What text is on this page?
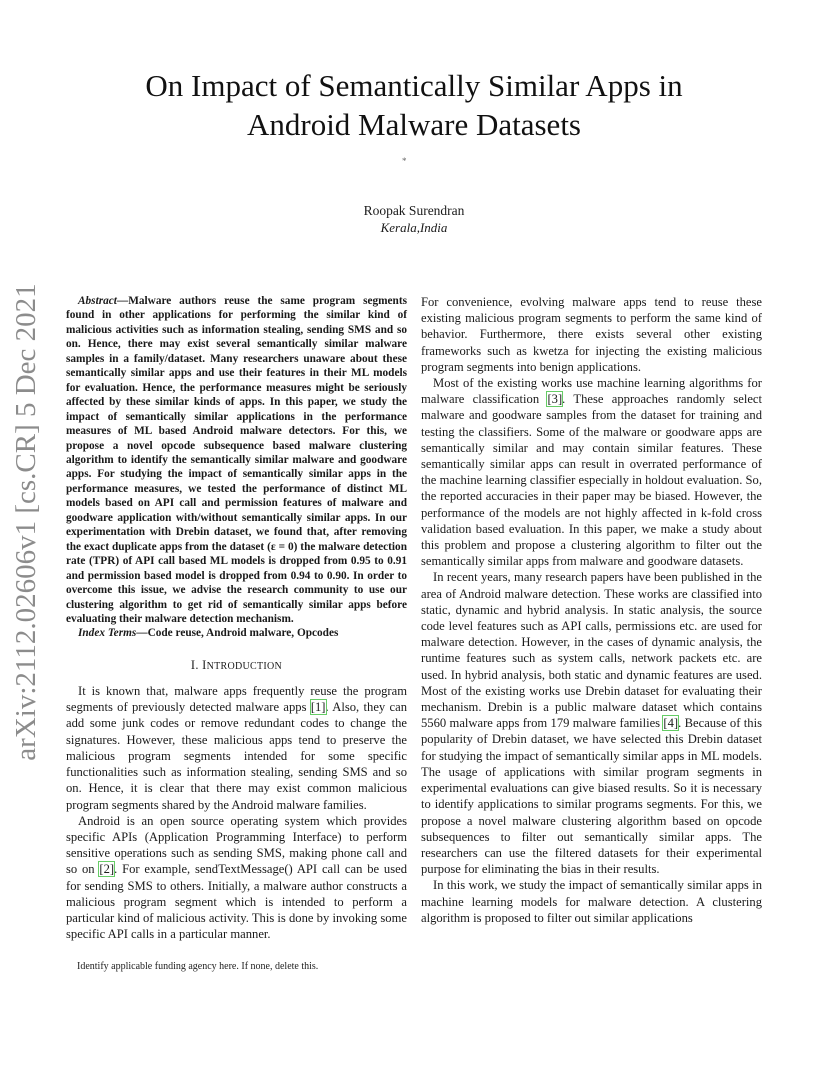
On Impact of Semantically Similar Apps in
Android Malware Datasets
*
Roopak Surendran
Kerala,India
arXiv:2112.02606v1 [cs.CR] 5 Dec 2021	Abstract—Malware authors reuse the same program segments found in other applications for performing the similar kind of malicious activities such as information stealing, sending SMS and so on. Hence, there may exist several semantically similar malware samples in a family/dataset. Many researchers unaware about these semantically similar apps and use their features in their ML models for evaluation. Hence, the performance measures might be seriously affected by these similar kinds of apps. In this paper, we study the impact of semantically similar applications in the performance measures of ML based Android malware detectors. For this, we propose a novel opcode subsequence based malware clustering algorithm to identify the semantically similar malware and goodware apps. For studying the impact of semantically similar apps in the performance measures, we tested the performance of distinct ML models based on API call and permission features of malware and goodware application with/without semantically similar apps. In our experimentation with Drebin dataset, we found that, after removing the exact duplicate apps from the dataset (ε = 0) the malware detection rate (TPR) of API call based ML models is dropped from 0.95 to 0.91 and permission based model is dropped from 0.94 to 0.90. In order to overcome this issue, we advise the research community to use our clustering algorithm to get rid of semantically similar apps before evaluating their malware detection mechanism.

Index Terms—Code reuse, Android malware, Opcodes

I. INTRODUCTION

It is known that, malware apps frequently reuse the program segments of previously detected malware apps [1]. Also, they can add some junk codes or remove redundant codes to change the signatures. However, these malicious apps tend to preserve the malicious program segments intended for some specific functionalities such as information stealing, sending SMS and so on. Hence, it is clear that there may exist common malicious program segments shared by the Android malware families.

Android is an open source operating system which provides specific APIs (Application Programming Interface) to perform sensitive operations such as sending SMS, making phone call and so on [2]. For example, sendTextMessage() API call can be used for sending SMS to others. Initially, a malware author constructs a malicious program segment which is intended to perform a particular kind of malicious activity. This is done by invoking some specific API calls in a particular manner.

For convenience, evolving malware apps tend to reuse these existing malicious program segments to perform the same kind of behavior. Furthermore, there exists several other existing frameworks such as kwetza for injecting the existing malicious program segments into benign applications.

Most of the existing works use machine learning algorithms for malware classification [3]. These approaches randomly select malware and goodware samples from the dataset for training and testing the classifiers. Some of the malware or goodware apps are semantically similar and may contain similar features. These semantically similar apps can result in overrated performance of the machine learning classifier especially in holdout evaluation. So, the reported accuracies in their paper may be biased. However, the performance of the models are not highly affected in k-fold cross validation based evaluation. In this paper, we make a study about this problem and propose a clustering algorithm to filter out the semantically similar apps from malware and goodware datasets.

In recent years, many research papers have been published in the area of Android malware detection. These works are classified into static, dynamic and hybrid analysis. In static analysis, the source code level features such as API calls, permissions etc. are used for malware detection. However, in the cases of dynamic analysis, the runtime features such as system calls, network packets etc. are used. In hybrid analysis, both static and dynamic features are used. Most of the existing works use Drebin dataset for evaluating their mechanism. Drebin is a public malware dataset which contains 5560 malware apps from 179 malware families [4]. Because of this popularity of Drebin dataset, we have selected this Drebin dataset for studying the impact of semantically similar apps in ML models. The usage of applications with similar program segments in experimental evaluations can give biased results. So it is necessary to identify applications to similar programs segments. For this, we propose a novel malware clustering algorithm based on opcode subsequences to filter out semantically similar apps. The researchers can use the filtered datasets for their experimental purpose for eliminating the bias in their results.

In this work, we study the impact of semantically similar apps in machine learning models for malware detection. A clustering algorithm is proposed to filter out similar applications

Identify applicable funding agency here. If none, delete this.
